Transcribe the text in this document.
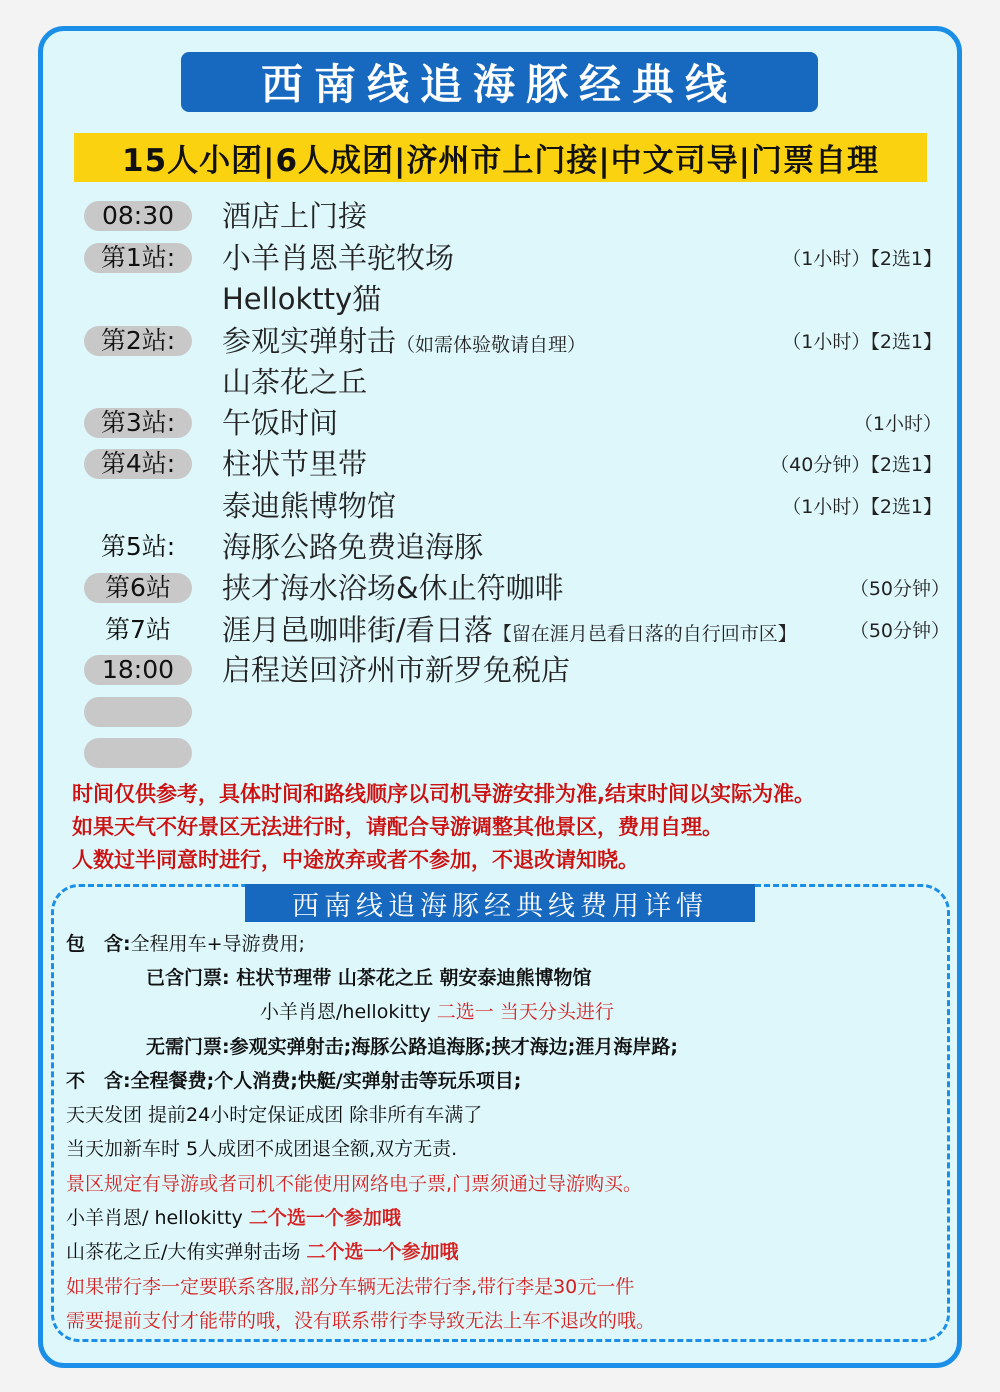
西南线追海豚经典线
15人小团|6人成团|济州市上门接|中文司导|门票自理
08:30	酒店上门接
第1站:	小羊肖恩羊驼牧场	（1小时）【2选1】
Helloktty猫
第2站:	参观实弹射击（如需体验敬请自理）	（1小时）【2选1】
山茶花之丘
第3站:	午饭时间	（1小时）
第4站:	柱状节里带	（40分钟）【2选1】
泰迪熊博物馆	（1小时）【2选1】
第5站:	海豚公路免费追海豚
第6站	挟才海水浴场&休止符咖啡	（50分钟）
第7站	涯月邑咖啡街/看日落【留在涯月邑看日落的自行回市区】	（50分钟）
18:00	启程送回济州市新罗免税店
时间仅供参考，具体时间和路线顺序以司机导游安排为准,结束时间以实际为准。
如果天气不好景区无法进行时，请配合导游调整其他景区，费用自理。
人数过半同意时进行，中途放弃或者不参加，不退改请知晓。
西南线追海豚经典线费用详情
包　含:全程用车+导游费用;
已含门票: 柱状节理带 山茶花之丘 朝安泰迪熊博物馆
小羊肖恩/hellokitty 二选一 当天分头进行
无需门票:参观实弹射击;海豚公路追海豚;挟才海边;涯月海岸路;
不　含:全程餐费;个人消费;快艇/实弹射击等玩乐项目;
天天发团 提前24小时定保证成团 除非所有车满了
当天加新车时 5人成团不成团退全额,双方无责.
景区规定有导游或者司机不能使用网络电子票,门票须通过导游购买。
小羊肖恩/ hellokitty 二个选一个参加哦
山茶花之丘/大侑实弹射击场 二个选一个参加哦
如果带行李一定要联系客服,部分车辆无法带行李,带行李是30元一件
需要提前支付才能带的哦，没有联系带行李导致无法上车不退改的哦。
